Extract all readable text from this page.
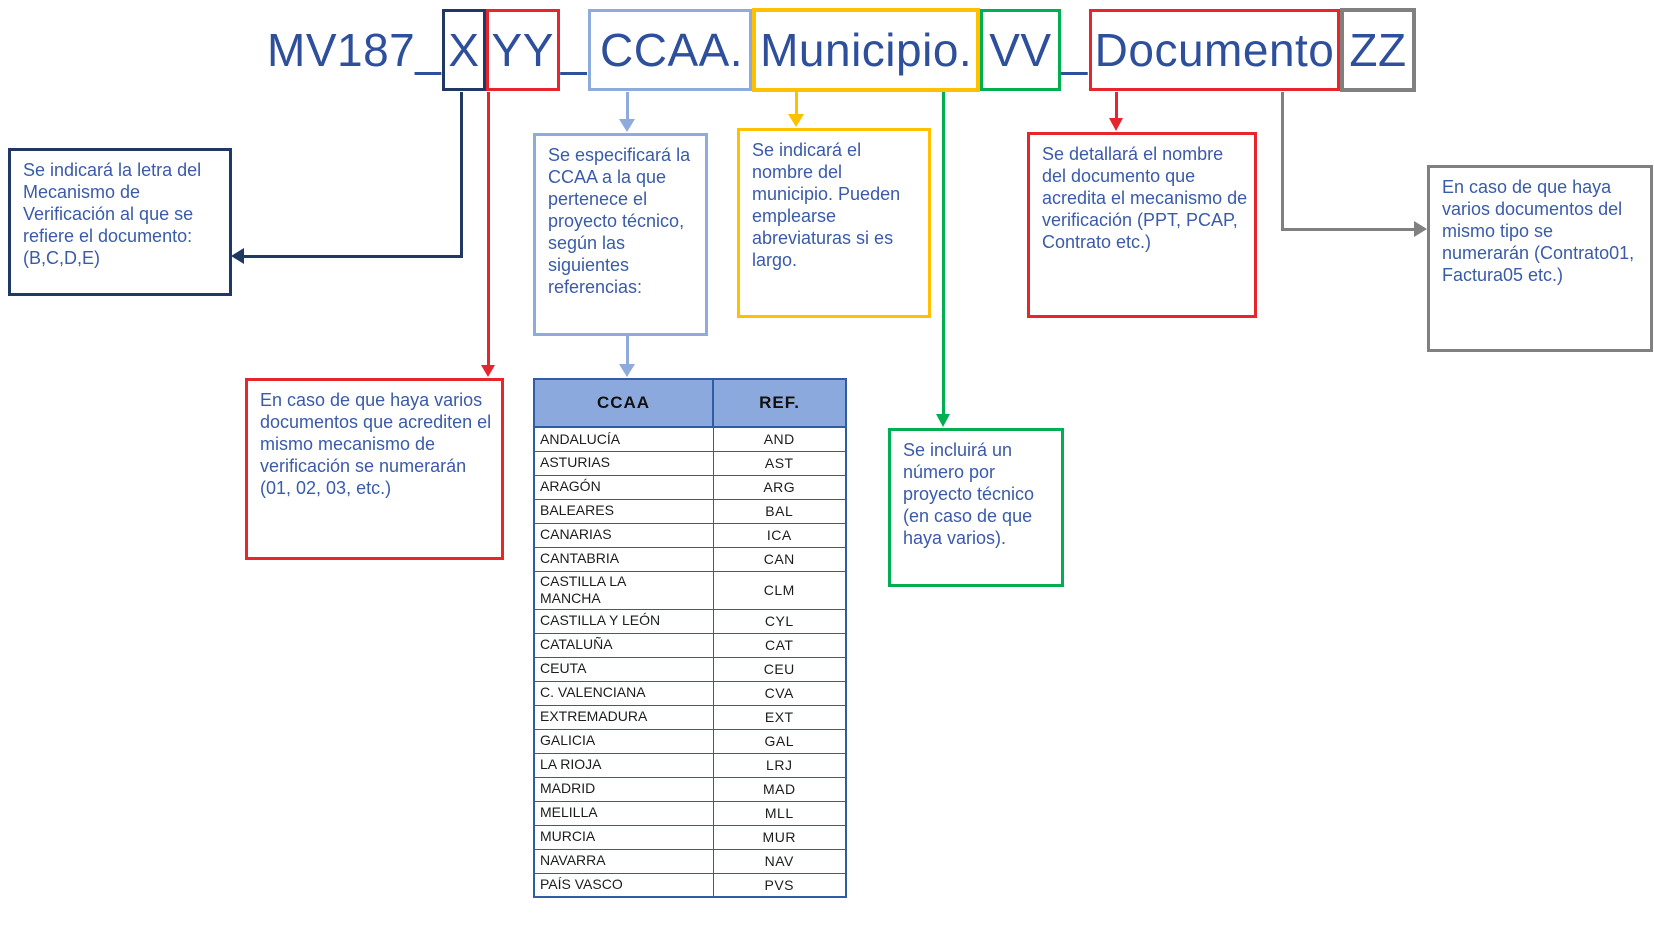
MV187_ X YY _ CCAA. Municipio. VV _ Documento ZZ
Se indicará la letra del Mecanismo de Verificación al que se refiere el documento: (B,C,D,E)
En caso de que haya varios documentos que acrediten el mismo mecanismo de verificación se numerarán (01, 02, 03, etc.)
Se especificará la CCAA a la que pertenece el proyecto técnico, según las siguientes referencias:
Se indicará el nombre del municipio. Pueden emplearse abreviaturas si es largo.
Se detallará el nombre del documento que acredita el mecanismo de verificación (PPT, PCAP, Contrato etc.)
Se incluirá un número por proyecto técnico (en caso de que haya varios).
En caso de que haya varios documentos del mismo tipo se numerarán (Contrato01, Factura05 etc.)
CCAA	REF.
ANDALUCÍA	AND
ASTURIAS	AST
ARAGÓN	ARG
BALEARES	BAL
CANARIAS	ICA
CANTABRIA	CAN
CASTILLA LA MANCHA	CLM
CASTILLA Y LEÓN	CYL
CATALUÑA	CAT
CEUTA	CEU
C. VALENCIANA	CVA
EXTREMADURA	EXT
GALICIA	GAL
LA RIOJA	LRJ
MADRID	MAD
MELILLA	MLL
MURCIA	MUR
NAVARRA	NAV
PAÍS VASCO	PVS
